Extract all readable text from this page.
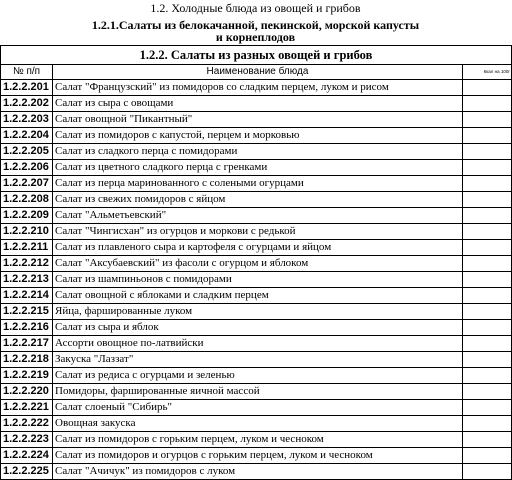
1.2. Холодные блюда из овощей и грибов
1.2.1.Салаты из белокачанной, пекинской, морской капусты
и корнеплодов
1.2.2. Салаты из разных овощей и грибов		
№ п/п	Наименование блюда	Ккал на 100г
1.2.2.201	Салат "Французский" из помидоров со сладким перцем, луком и рисом	
1.2.2.202	Салат из сыра с овощами	
1.2.2.203	Салат овощной "Пикантный"	
1.2.2.204	Салат из помидоров с капустой, перцем и морковью	
1.2.2.205	Салат из сладкого перца с помидорами	
1.2.2.206	Салат из цветного сладкого перца с гренками	
1.2.2.207	Салат из перца маринованного с солеными огурцами	
1.2.2.208	Салат из свежих помидоров с яйцом	
1.2.2.209	Салат "Альметьевский"	
1.2.2.210	Салат "Чингисхан" из огурцов и моркови с редькой	
1.2.2.211	Салат из плавленого сыра и картофеля с огурцами и яйцом	
1.2.2.212	Салат "Аксубаевский" из фасоли с огурцом и яблоком	
1.2.2.213	Салат из шампиньонов с помидорами	
1.2.2.214	Салат овощной с яблоками и сладким перцем	
1.2.2.215	Яйца, фаршированные луком	
1.2.2.216	Салат из сыра и яблок	
1.2.2.217	Ассорти овощное по-латвийски	
1.2.2.218	Закуска "Лаззат"	
1.2.2.219	Салат из редиса с огурцами и зеленью	
1.2.2.220	Помидоры, фаршированные яичной массой	
1.2.2.221	Салат слоеный "Сибирь"	
1.2.2.222	Овощная закуска	
1.2.2.223	Салат из помидоров с горьким перцем, луком и чесноком	
1.2.2.224	Салат из помидоров и огурцов с горьким перцем, луком и чесноком	
1.2.2.225	Салат "Ачичук" из помидоров с луком	
